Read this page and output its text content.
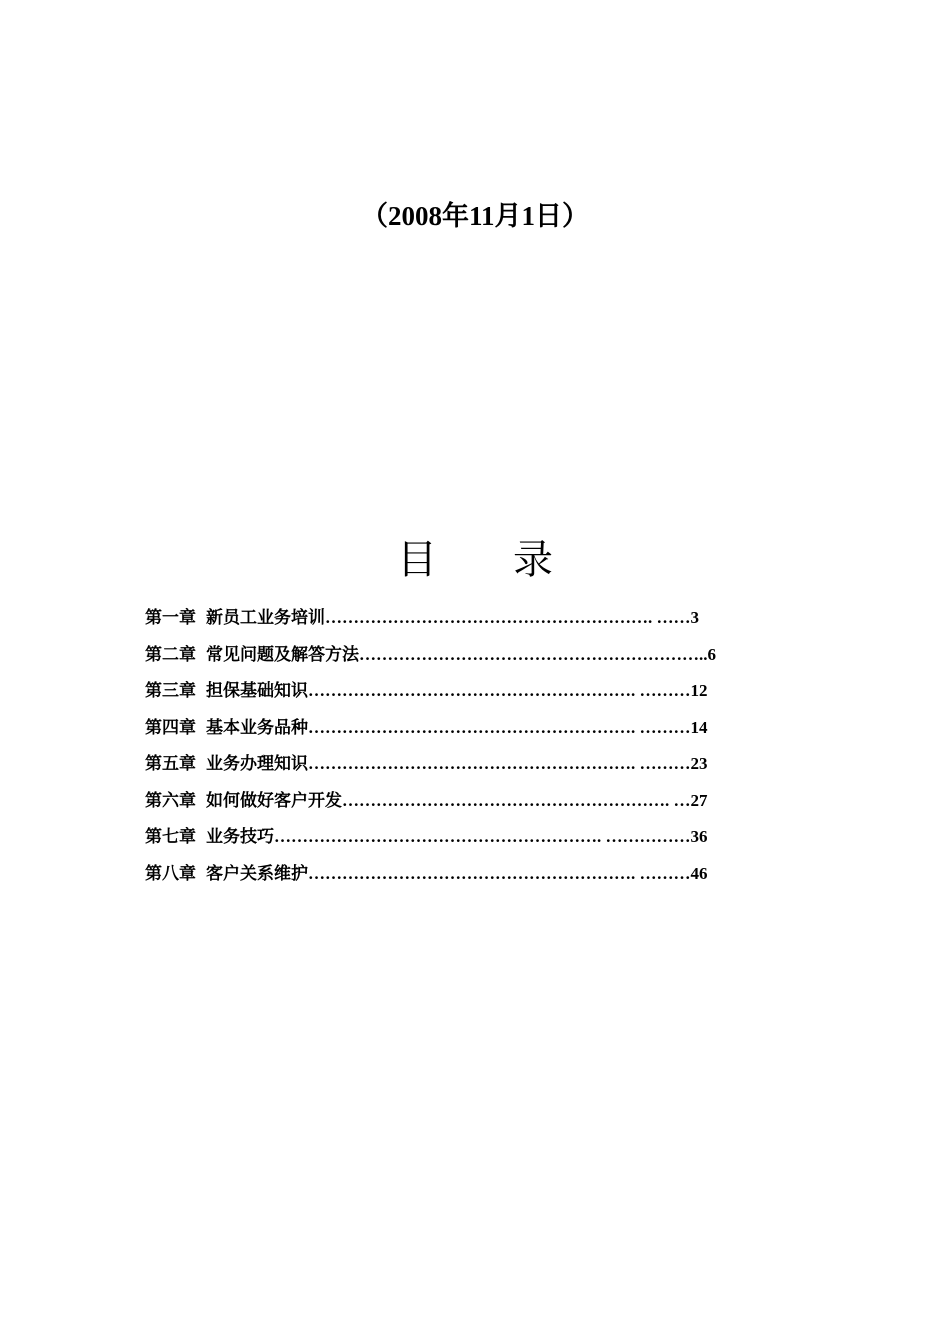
（2008年11月1日）
目 录
第一章 新员工业务培训…………………………………………………. ……3
第二章 常见问题及解答方法……………………………………………………..6
第三章 担保基础知识…………………………………………………. ………12
第四章 基本业务品种…………………………………………………. ………14
第五章 业务办理知识…………………………………………………. ………23
第六章 如何做好客户开发…………………………………………………. …27
第七章 业务技巧…………………………………………………. ……………36
第八章 客户关系维护…………………………………………………. ………46
